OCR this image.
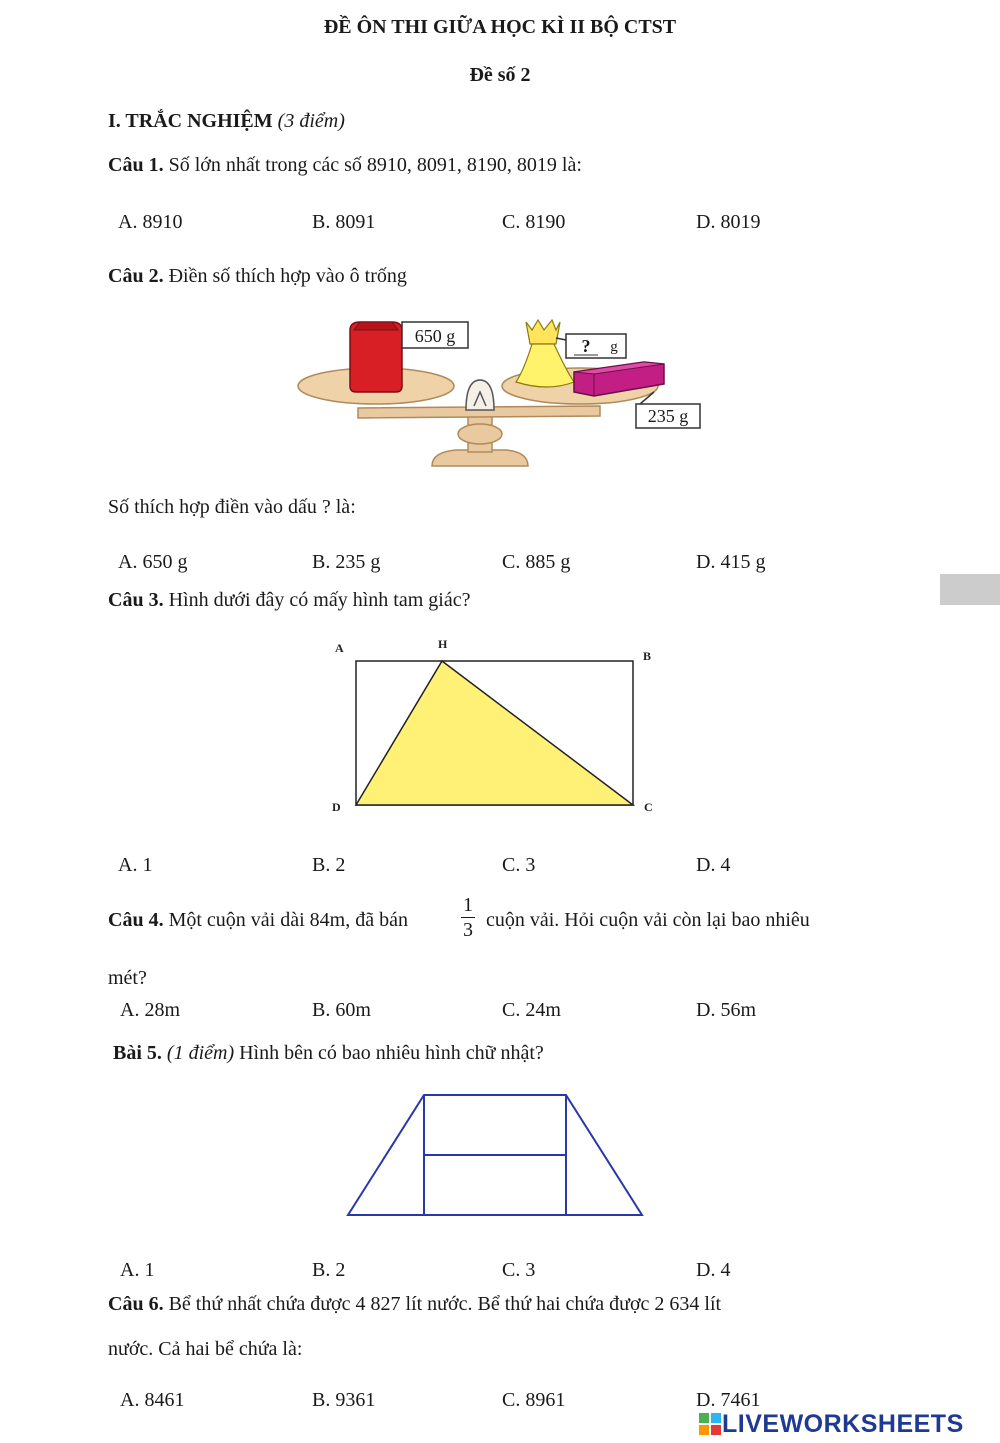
ĐỀ ÔN THI GIỮA HỌC KÌ II BỘ CTST
Đề số 2
I. TRẮC NGHIỆM (3 điểm)
Câu 1. Số lớn nhất trong các số 8910, 8091, 8190, 8019 là:
A. 8910	B. 8091	C. 8190	D. 8019
Câu 2. Điền số thích hợp vào ô trống
650 g	? g
235 g
Số thích hợp điền vào dấu ? là:
A. 650 g	B. 235 g	C. 885 g	D. 415 g
Câu 3. Hình dưới đây có mấy hình tam giác?
A	H
B
D	C
A. 1	B. 2	C. 3	D. 4
Câu 4. Một cuộn vải dài 84m, đã bán
1
3 cuộn vải. Hỏi cuộn vải còn lại bao nhiêu
mét?
A. 28m	B. 60m	C. 24m	D. 56m
Bài 5. (1 điểm) Hình bên có bao nhiêu hình chữ nhật?
A. 1	B. 2	C. 3	D. 4
Câu 6. Bể thứ nhất chứa được 4 827 lít nước. Bể thứ hai chứa được 2 634 lít
nước. Cả hai bể chứa là:
A. 8461	B. 9361	C. 8961	D. 7461
LIVEWORKSHEETS
